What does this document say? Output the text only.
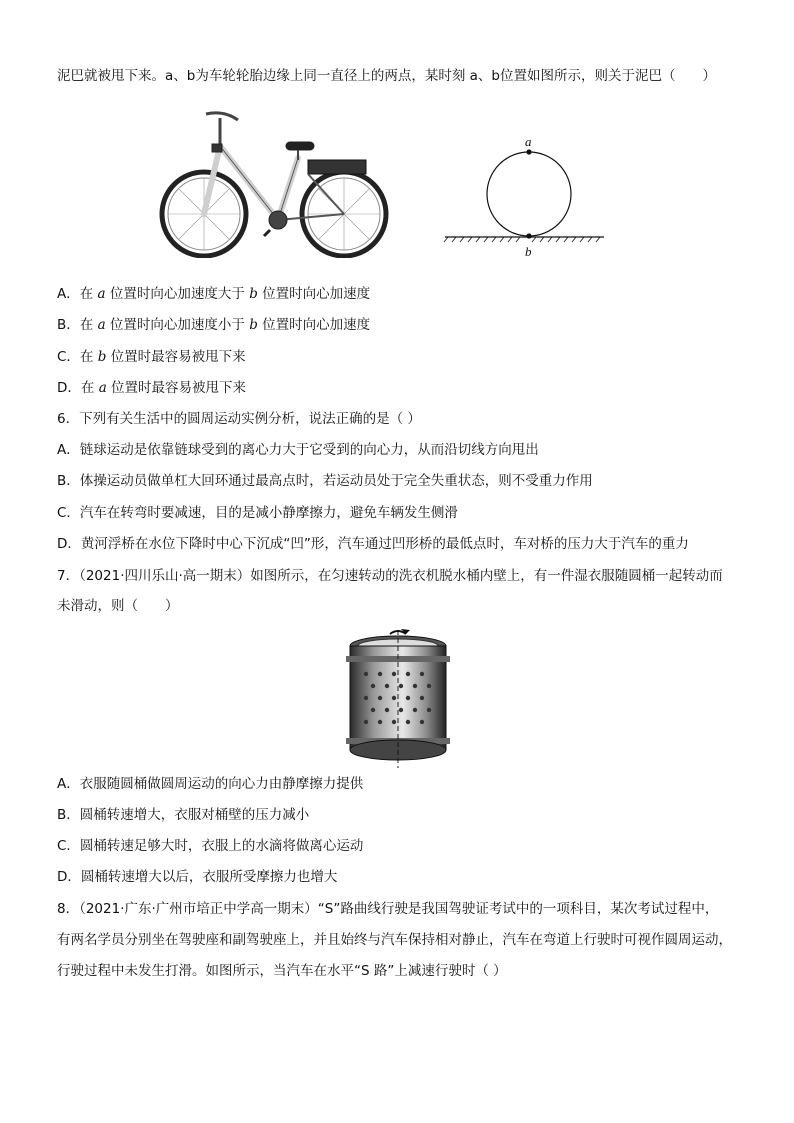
泥巴就被甩下来。a、b为车轮轮胎边缘上同一直径上的两点，某时刻 a、b位置如图所示，则关于泥巴（　　）
a
b
A．在 a 位置时向心加速度大于 b 位置时向心加速度
B．在 a 位置时向心加速度小于 b 位置时向心加速度
C．在 b 位置时最容易被甩下来
D．在 a 位置时最容易被甩下来
6．下列有关生活中的圆周运动实例分析，说法正确的是（ ）
A．链球运动是依靠链球受到的离心力大于它受到的向心力，从而沿切线方向甩出
B．体操运动员做单杠大回环通过最高点时，若运动员处于完全失重状态，则不受重力作用
C．汽车在转弯时要减速，目的是减小静摩擦力，避免车辆发生侧滑
D．黄河浮桥在水位下降时中心下沉成“凹”形，汽车通过凹形桥的最低点时，车对桥的压力大于汽车的重力
7．（2021·四川乐山·高一期末）如图所示，在匀速转动的洗衣机脱水桶内壁上，有一件湿衣服随圆桶一起转动而
未滑动，则（　　）
A．衣服随圆桶做圆周运动的向心力由静摩擦力提供
B．圆桶转速增大，衣服对桶壁的压力减小
C．圆桶转速足够大时，衣服上的水滴将做离心运动
D．圆桶转速增大以后，衣服所受摩擦力也增大
8．（2021·广东·广州市培正中学高一期末）“S”路曲线行驶是我国驾驶证考试中的一项科目，某次考试过程中，
有两名学员分别坐在驾驶座和副驾驶座上，并且始终与汽车保持相对静止，汽车在弯道上行驶时可视作圆周运动，
行驶过程中未发生打滑。如图所示，当汽车在水平“S 路”上减速行驶时（ ）
